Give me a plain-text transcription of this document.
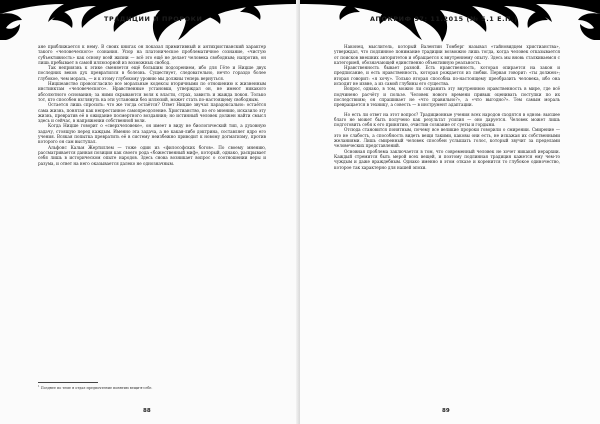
ТРАДИЦИИ И ПРОРОКИ

ане приближается к нему. В своих книгах он показал примитивный и антихристианский характер такого «человеческого» сознания. Упор на платоническое проблематичное сознание, «чистую субъективность» как основу всей жизни — всё это ещё не делает человека свободным; напротив, он лишь пребывает в самой иллюзорной из возможных свобод.

Так неприязнь к этике сменяется ещё большим подозрением, ибо для Гёте и Ницше двух последних веков дух превратился в болезнь. Существует, следовательно, нечто гораздо более глубокое, чем мораль, — и к этому глубокому уровню мы должны теперь вернуться.

Ницшеанство провозгласило все моральные кодексы вторичными по отношению к жизненным инстинктам «человеческого». Нравственные установки, утверждал он, не имеют никакого абсолютного основания; за ними скрываются воля к власти, страх, зависть и жажда покоя. Только тот, кто способен взглянуть на эти установки без иллюзий, может стать по-настоящему свободным.

Остается лишь спросить: что же тогда остаётся? Ответ Ницше звучал парадоксально: остаётся сама жизнь, понятая как непрестанное самопреодоление. Христианство, по его мнению, исказило эту жизнь, превратив её в ожидание посмертного воздаяния; но истинный человек должен найти смысл здесь и сейчас, в напряжении собственной воли.

Когда Ницше говорит о «сверхчеловеке», он имеет в виду не биологический тип, а духовную задачу, стоящую перед каждым. Именно эта задача, а не какая-либо доктрина, составляет ядро его учения. Всякая попытка превратить её в систему неизбежно приводит к новому догматизму, против которого он сам выступал.

Альфонс Кальм Жертиллем — тоже один из «философских богов». По своему мнению, рассматривается данная позиция как своего рода «божественный миф», который, однако, раскрывает себя лишь в историческом опыте народов. Здесь снова возникает вопрос о соотношении веры и разума, и ответ на него оказывается далеко не однозначным.

$^1$ Позднее по теме я отдал предпочтение понятию вещи-в-себе.
88
АПОКРИФ 97: 11.2015 (№ 5.1 Е.П.)

Наконец, мыслитель, который Валентин Томберг называл «тайновидцем христианства», утверждал, что подлинное понимание традиции возможно лишь тогда, когда человек отказывается от поисков внешних авторитетов и обращается к внутреннему опыту. Здесь мы вновь сталкиваемся с категорией, обозначающей единственно объективную реальность.

Нравственность бывает разной. Есть нравственность, которая опирается на закон и предписание, и есть нравственность, которая рождается из любви. Первая говорит: «ты должен»; вторая говорит: «я хочу». Только вторая способна по-настоящему преобразить человека, ибо она исходит не извне, а из самой глубины его существа.

Вопрос, однако, в том, можно ли сохранить эту внутреннюю нравственность в мире, где всё подчинено расчёту и пользе. Человек нового времени привык оценивать поступки по их последствиям; он спрашивает не «что правильно?», а «что выгодно?». Тем самым мораль превращается в технику, а совесть — в инструмент адаптации.

Но есть ли ответ на этот вопрос? Традиционные учения всех народов сходятся в одном: высшее благо не может быть получено как результат усилия — оно даруется. Человек может лишь подготовить себя к его принятию, очистив сознание от суеты и гордыни.

Отсюда становится понятным, почему все великие пророки говорили о смирении. Смирение — это не слабость, а способность видеть вещи такими, каковы они есть, не искажая их собственными желаниями. Лишь смиренный человек способен услышать голос, который звучит за пределами человеческих представлений.

Основная проблема заключается в том, что современный человек не хочет никакой иерархии. Каждый стремится быть мерой всех вещей, и поэтому подлинная традиция кажется ему чем-то чуждым и даже враждебным. Однако именно в этом отказе и коренится то глубокое одиночество, которое так характерно для нашей эпохи.

89
